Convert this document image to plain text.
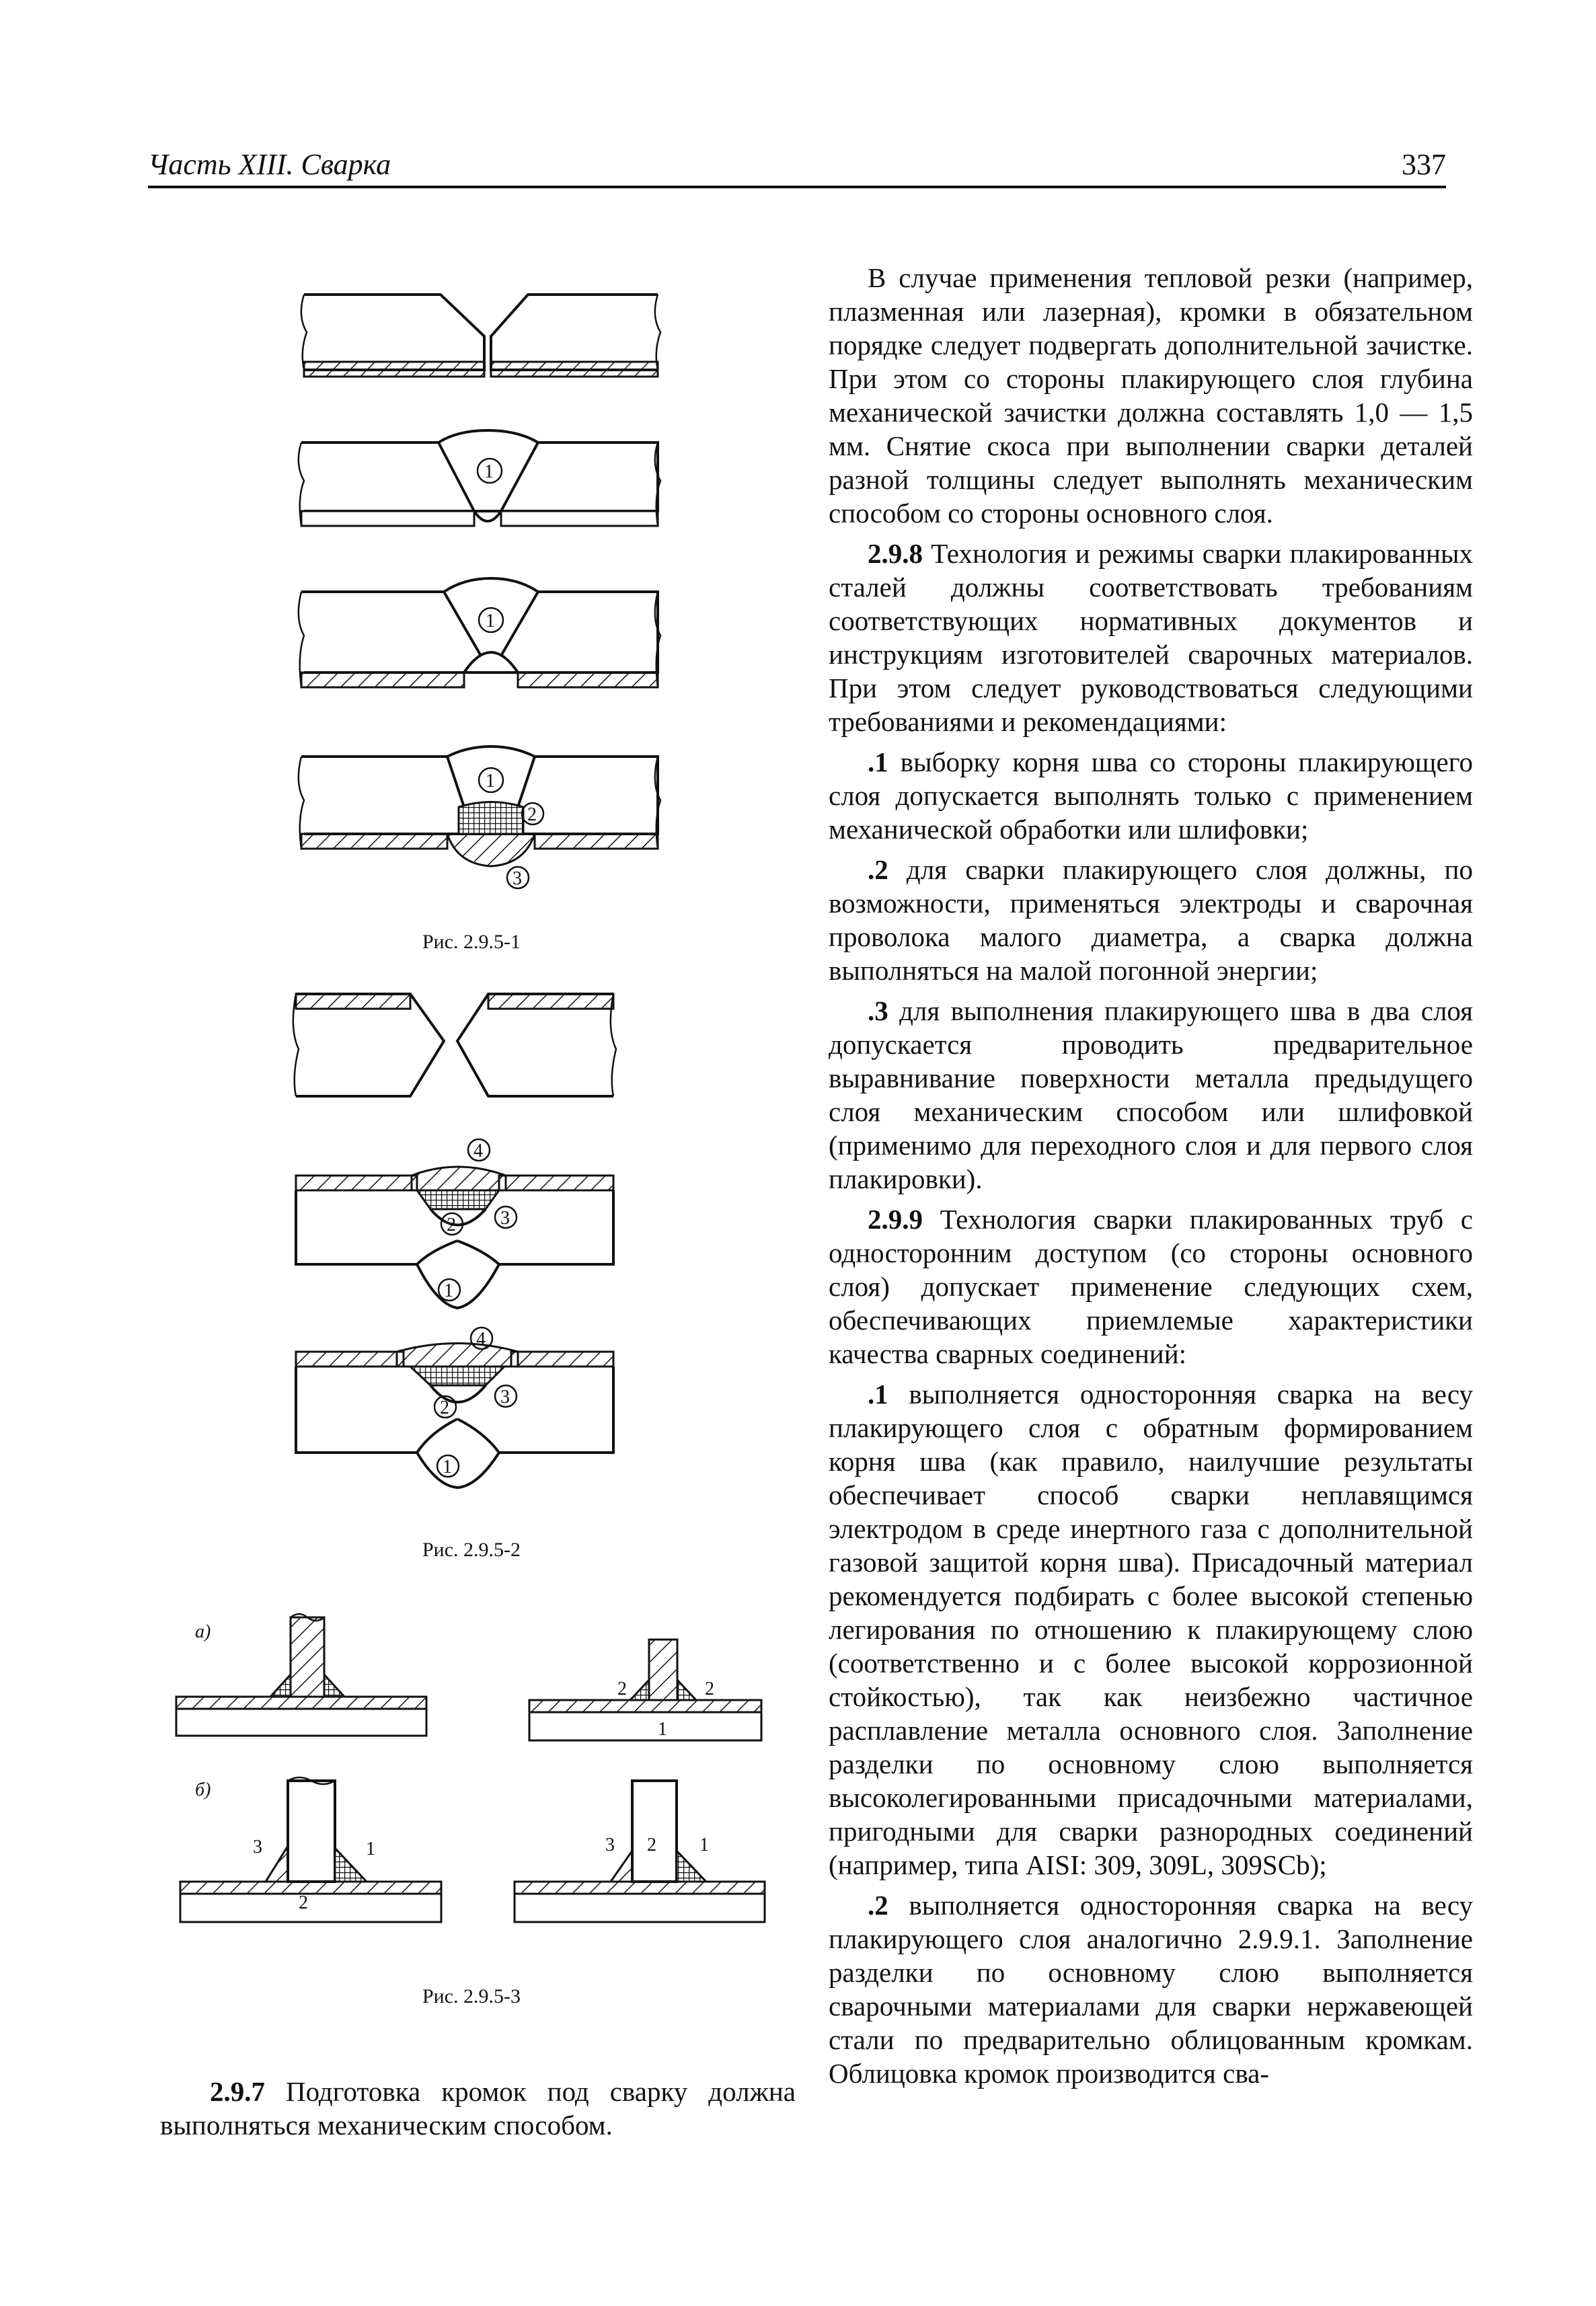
Часть XIII. Сварка	337
1
1
1
2
3
4
2 3
1
4
2
3
1
2	2
1
3	1
2
3 2 1
а)
б)
Рис. 2.9.5-1
Рис. 2.9.5-2
Рис. 2.9.5-3

2.9.7 Подготовка кромок под сварку должна выполняться механическим способом.

В случае применения тепловой резки (например, плазменная или лазерная), кромки в обязательном порядке следует подвергать дополнительной зачистке. При этом со стороны плакирующего слоя глубина механической зачистки должна составлять 1,0 — 1,5 мм. Снятие скоса при выполнении сварки деталей разной толщины следует выполнять механическим способом со стороны основного слоя.

2.9.8 Технология и режимы сварки плакированных сталей должны соответствовать требованиям соответствующих нормативных документов и инструкциям изготовителей сварочных материалов. При этом следует руководствоваться следующими требованиями и рекомендациями:

.1 выборку корня шва со стороны плакирующего слоя допускается выполнять только с применением механической обработки или шлифовки;

.2 для сварки плакирующего слоя должны, по возможности, применяться электроды и сварочная проволока малого диаметра, а сварка должна выполняться на малой погонной энергии;

.3 для выполнения плакирующего шва в два слоя допускается проводить предварительное выравнивание поверхности металла предыдущего слоя механическим способом или шлифовкой (применимо для переходного слоя и для первого слоя плакировки).

2.9.9 Технология сварки плакированных труб с односторонним доступом (со стороны основного слоя) допускает применение следующих схем, обеспечивающих приемлемые характеристики качества сварных соединений:

.1 выполняется односторонняя сварка на весу плакирующего слоя с обратным формированием корня шва (как правило, наилучшие результаты обеспечивает способ сварки неплавящимся электродом в среде инертного газа с дополнительной газовой защитой корня шва). Присадочный материал рекомендуется подбирать с более высокой степенью легирования по отношению к плакирующему слою (соответственно и с более высокой коррозионной стойкостью), так как неизбежно частичное расплавление металла основного слоя. Заполнение разделки по основному слою выполняется высоколегированными присадочными материалами, пригодными для сварки разнородных соединений (например, типа AISI: 309, 309L, 309SCb);

.2 выполняется односторонняя сварка на весу плакирующего слоя аналогично 2.9.9.1. Заполнение разделки по основному слою выполняется сварочными материалами для сварки нержавеющей стали по предварительно облицованным кромкам. Облицовка кромок производится сва-
